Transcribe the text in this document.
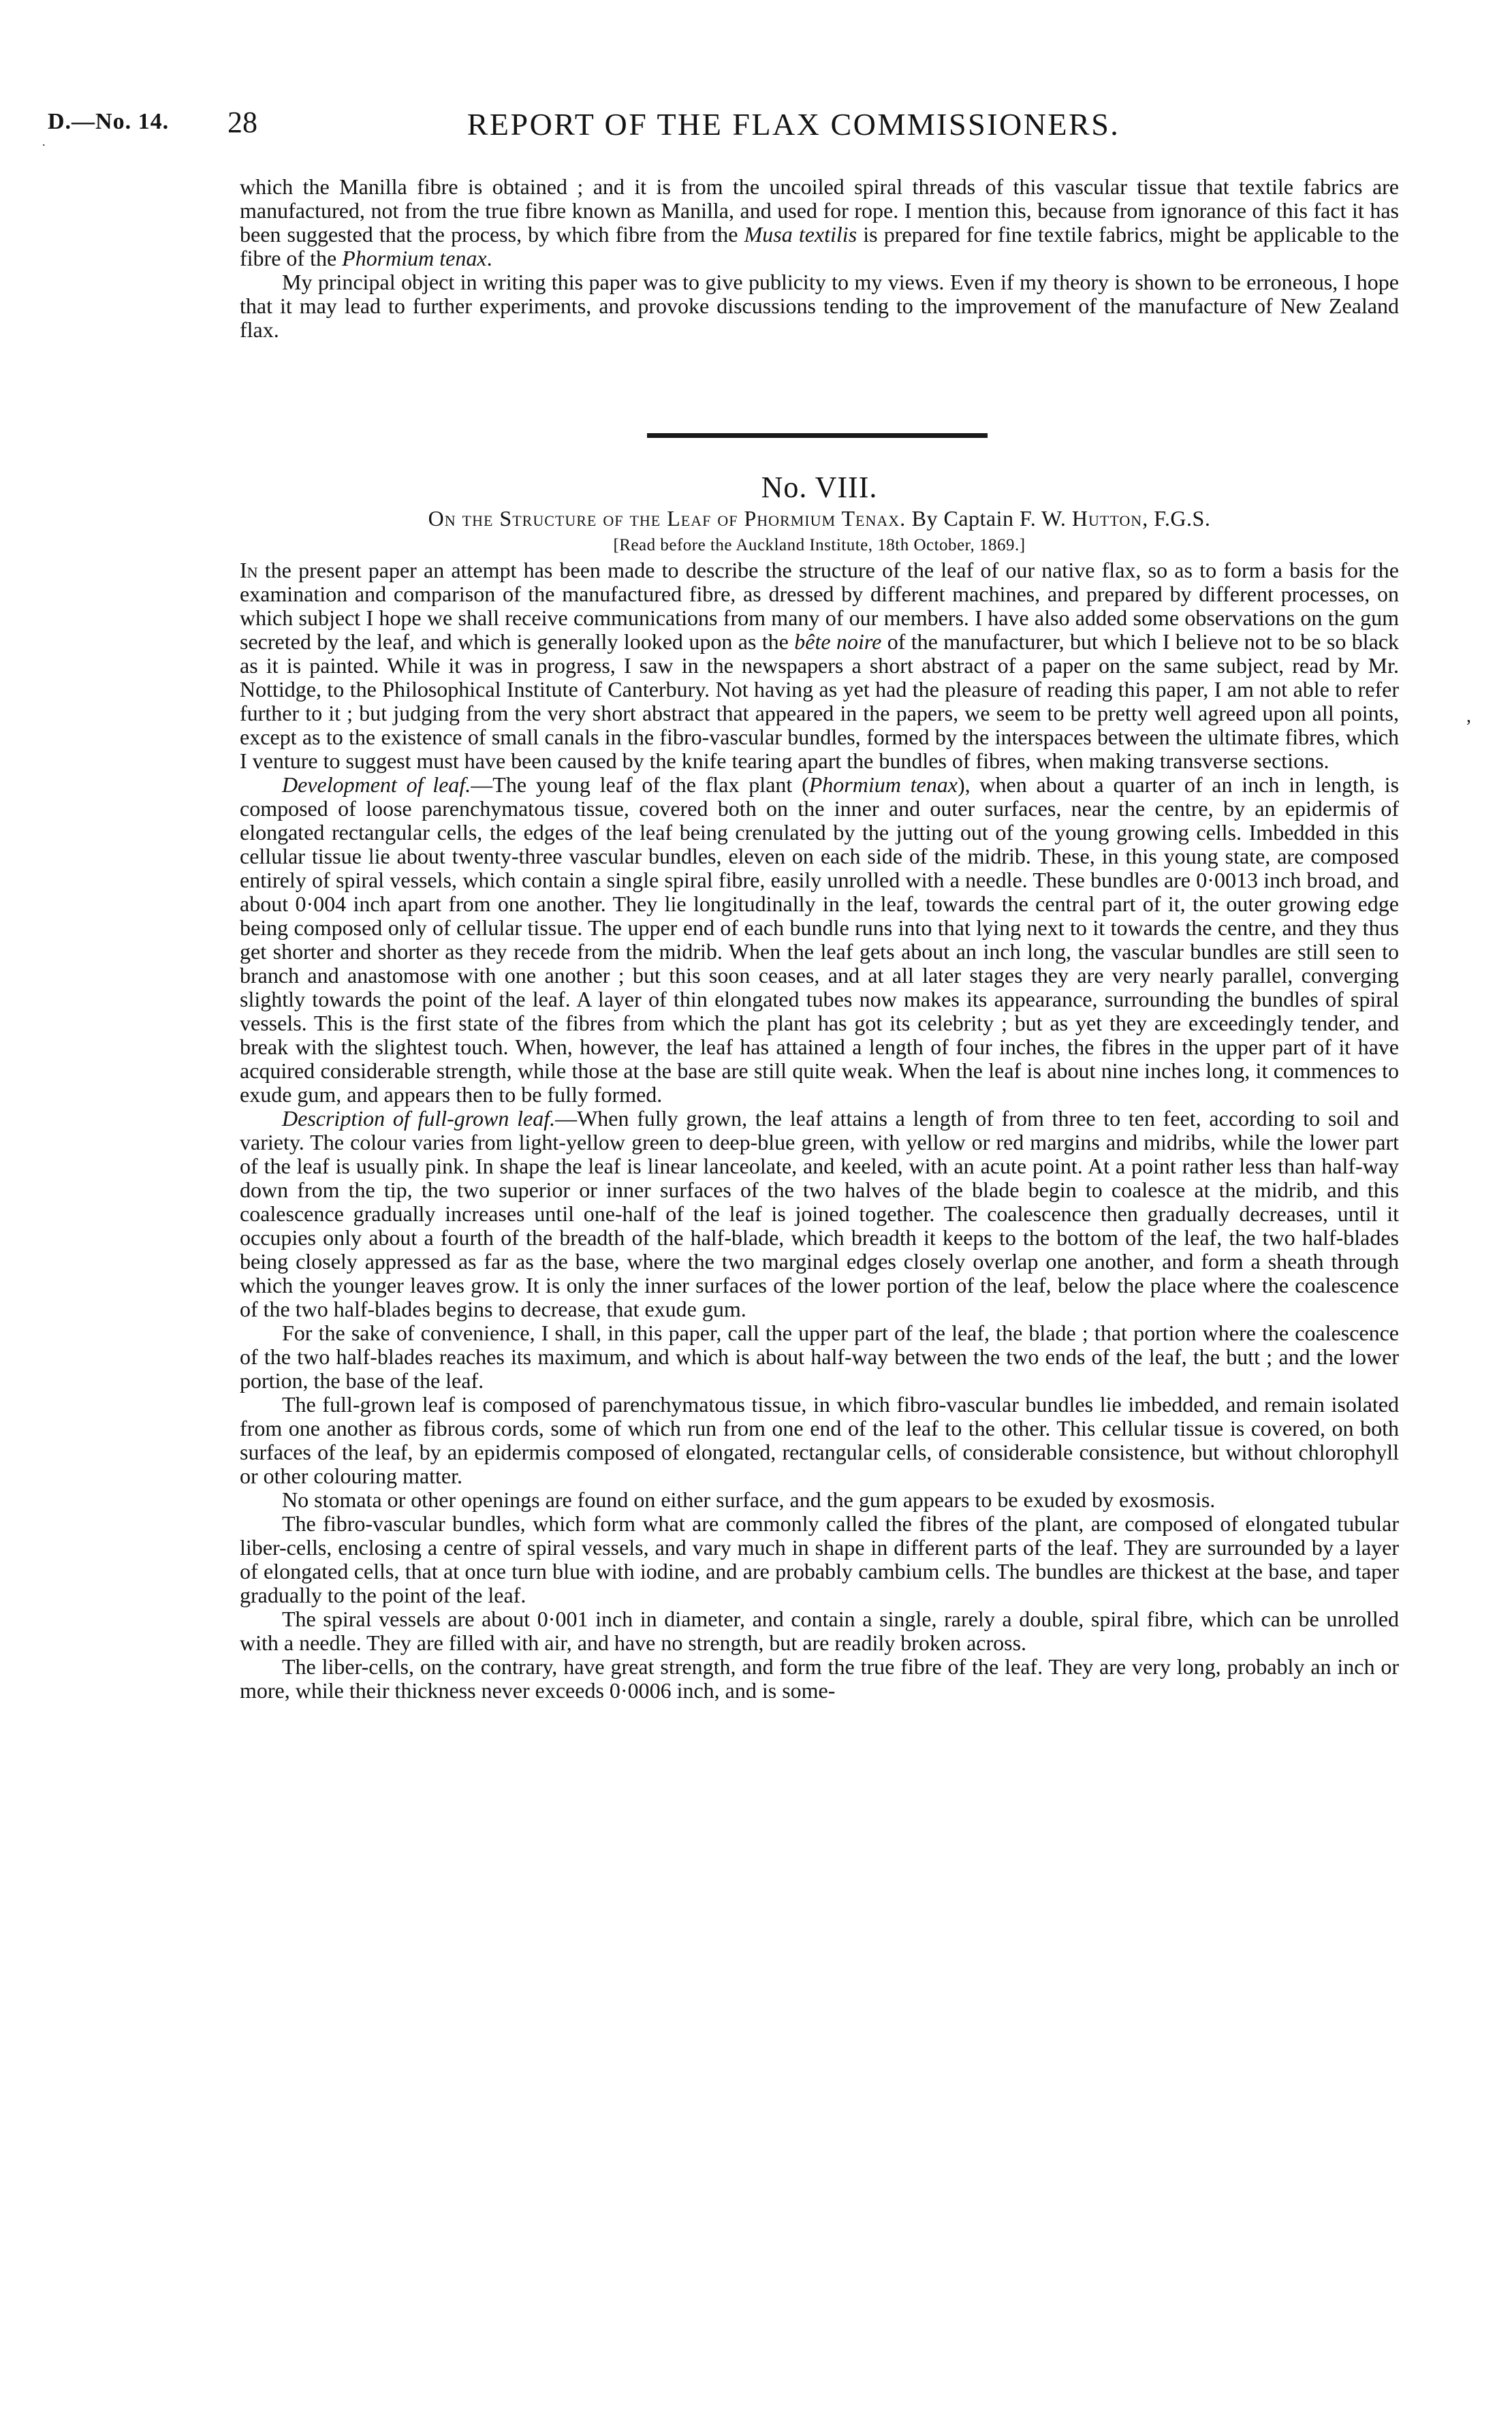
.
D.—No. 14. 28	REPORT OF THE FLAX COMMISSIONERS.

which the Manilla fibre is obtained ; and it is from the uncoiled spiral threads of this vascular tissue that textile fabrics are manufactured, not from the true fibre known as Manilla, and used for rope. I mention this, because from ignorance of this fact it has been suggested that the process, by which fibre from the Musa textilis is prepared for fine textile fabrics, might be applicable to the fibre of the Phormium tenax.

My principal object in writing this paper was to give publicity to my views. Even if my theory is shown to be erroneous, I hope that it may lead to further experiments, and provoke discussions tending to the improvement of the manufacture of New Zealand flax.

No. VIII.
On the Structure of the Leaf of Phormium Tenax. By Captain F. W. Hutton, F.G.S.
[Read before the Auckland Institute, 18th October, 1869.]

In the present paper an attempt has been made to describe the structure of the leaf of our native flax, so as to form a basis for the examination and comparison of the manufactured fibre, as dressed by different machines, and prepared by different processes, on which subject I hope we shall receive communications from many of our members. I have also added some observations on the gum secreted by the leaf, and which is generally looked upon as the bête noire of the manufacturer, but which I believe not to be so black as it is painted. While it was in progress, I saw in the newspapers a short abstract of a paper on the same subject, read by Mr. Nottidge, to the Philosophical Institute of Canterbury. Not having as yet had the pleasure of reading this paper, I am not able to refer further to it ; but judging from the very short abstract that appeared in the papers, we seem to be pretty well agreed upon all points, except as to the existence of small canals in the fibro-vascular bundles, formed by the interspaces between the ultimate fibres, which I venture to suggest must have been caused by the knife tearing apart the bundles of fibres, when making transverse sections.

Development of leaf.—The young leaf of the flax plant (Phormium tenax), when about a quarter of an inch in length, is composed of loose parenchymatous tissue, covered both on the inner and outer surfaces, near the centre, by an epidermis of elongated rectangular cells, the edges of the leaf being crenulated by the jutting out of the young growing cells. Imbedded in this cellular tissue lie about twenty-three vascular bundles, eleven on each side of the midrib. These, in this young state, are composed entirely of spiral vessels, which contain a single spiral fibre, easily unrolled with a needle. These bundles are 0·0013 inch broad, and about 0·004 inch apart from one another. They lie longitudinally in the leaf, towards the central part of it, the outer growing edge being composed only of cellular tissue. The upper end of each bundle runs into that lying next to it towards the centre, and they thus get shorter and shorter as they recede from the midrib. When the leaf gets about an inch long, the vascular bundles are still seen to branch and anastomose with one another ; but this soon ceases, and at all later stages they are very nearly parallel, converging slightly towards the point of the leaf. A layer of thin elongated tubes now makes its appearance, surrounding the bundles of spiral vessels. This is the first state of the fibres from which the plant has got its celebrity ; but as yet they are exceedingly tender, and break with the slightest touch. When, however, the leaf has attained a length of four inches, the fibres in the upper part of it have acquired considerable strength, while those at the base are still quite weak. When the leaf is about nine inches long, it commences to exude gum, and appears then to be fully formed.

Description of full-grown leaf.—When fully grown, the leaf attains a length of from three to ten feet, according to soil and variety. The colour varies from light-yellow green to deep-blue green, with yellow or red margins and midribs, while the lower part of the leaf is usually pink. In shape the leaf is linear lanceolate, and keeled, with an acute point. At a point rather less than half-way down from the tip, the two superior or inner surfaces of the two halves of the blade begin to coalesce at the midrib, and this coalescence gradually increases until one-half of the leaf is joined together. The coalescence then gradually decreases, until it occupies only about a fourth of the breadth of the half-blade, which breadth it keeps to the bottom of the leaf, the two half-blades being closely appressed as far as the base, where the two marginal edges closely overlap one another, and form a sheath through which the younger leaves grow. It is only the inner surfaces of the lower portion of the leaf, below the place where the coalescence of the two half-blades begins to decrease, that exude gum.

For the sake of convenience, I shall, in this paper, call the upper part of the leaf, the blade ; that portion where the coalescence of the two half-blades reaches its maximum, and which is about half-way between the two ends of the leaf, the butt ; and the lower portion, the base of the leaf.

The full-grown leaf is composed of parenchymatous tissue, in which fibro-vascular bundles lie imbedded, and remain isolated from one another as fibrous cords, some of which run from one end of the leaf to the other. This cellular tissue is covered, on both surfaces of the leaf, by an epidermis composed of elongated, rectangular cells, of considerable consistence, but without chlorophyll or other colouring matter.

No stomata or other openings are found on either surface, and the gum appears to be exuded by exosmosis.

The fibro-vascular bundles, which form what are commonly called the fibres of the plant, are composed of elongated tubular liber-cells, enclosing a centre of spiral vessels, and vary much in shape in different parts of the leaf. They are surrounded by a layer of elongated cells, that at once turn blue with iodine, and are probably cambium cells. The bundles are thickest at the base, and taper gradually to the point of the leaf.

The spiral vessels are about 0·001 inch in diameter, and contain a single, rarely a double, spiral fibre, which can be unrolled with a needle. They are filled with air, and have no strength, but are readily broken across.

The liber-cells, on the contrary, have great strength, and form the true fibre of the leaf. They are very long, probably an inch or more, while their thickness never exceeds 0·0006 inch, and is some-

,
